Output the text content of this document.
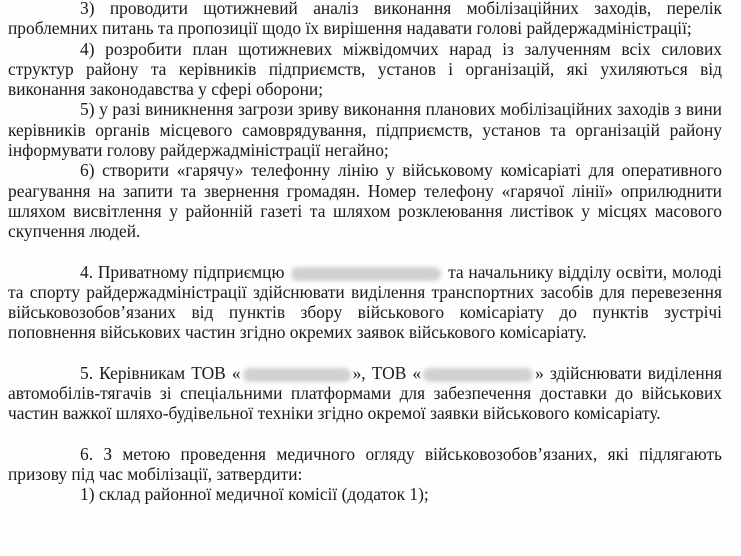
3) проводити щотижневий аналіз виконання мобілізаційних заходів, перелік проблемних питань та пропозиції щодо їх вирішення надавати голові райдержадміністрації;

4) розробити план щотижневих міжвідомчих нарад із залученням всіх силових структур району та керівників підприємств, установ і організацій, які ухиляються від виконання законодавства у сфері оборони;

5) у разі виникнення загрози зриву виконання планових мобілізаційних заходів з вини керівників органів місцевого самоврядування, підприємств, установ та організацій району інформувати голову райдержадміністрації негайно;

6) створити «гарячу» телефонну лінію у військовому комісаріаті для оперативного реагування на запити та звернення громадян. Номер телефону «гарячої лінії» оприлюднити шляхом висвітлення у районній газеті та шляхом розклеювання листівок у місцях масового скупчення людей.

4. Приватному підприємцю	та начальнику відділу освіти, молоді та спорту райдержадміністрації здійснювати виділення транспортних засобів для перевезення військовозобов’язаних від пунктів збору військового комісаріату до пунктів зустрічі поповнення військових частин згідно окремих заявок військового комісаріату.

5. Керівникам ТОВ «	», ТОВ «	» здійснювати виділення автомобілів-тягачів зі спеціальними платформами для забезпечення доставки до військових частин важкої шляхо-будівельної техніки згідно окремої заявки військового комісаріату.

6. З метою проведення медичного огляду військовозобов’язаних, які підлягають призову під час мобілізації, затвердити:

1) склад районної медичної комісії (додаток 1);
